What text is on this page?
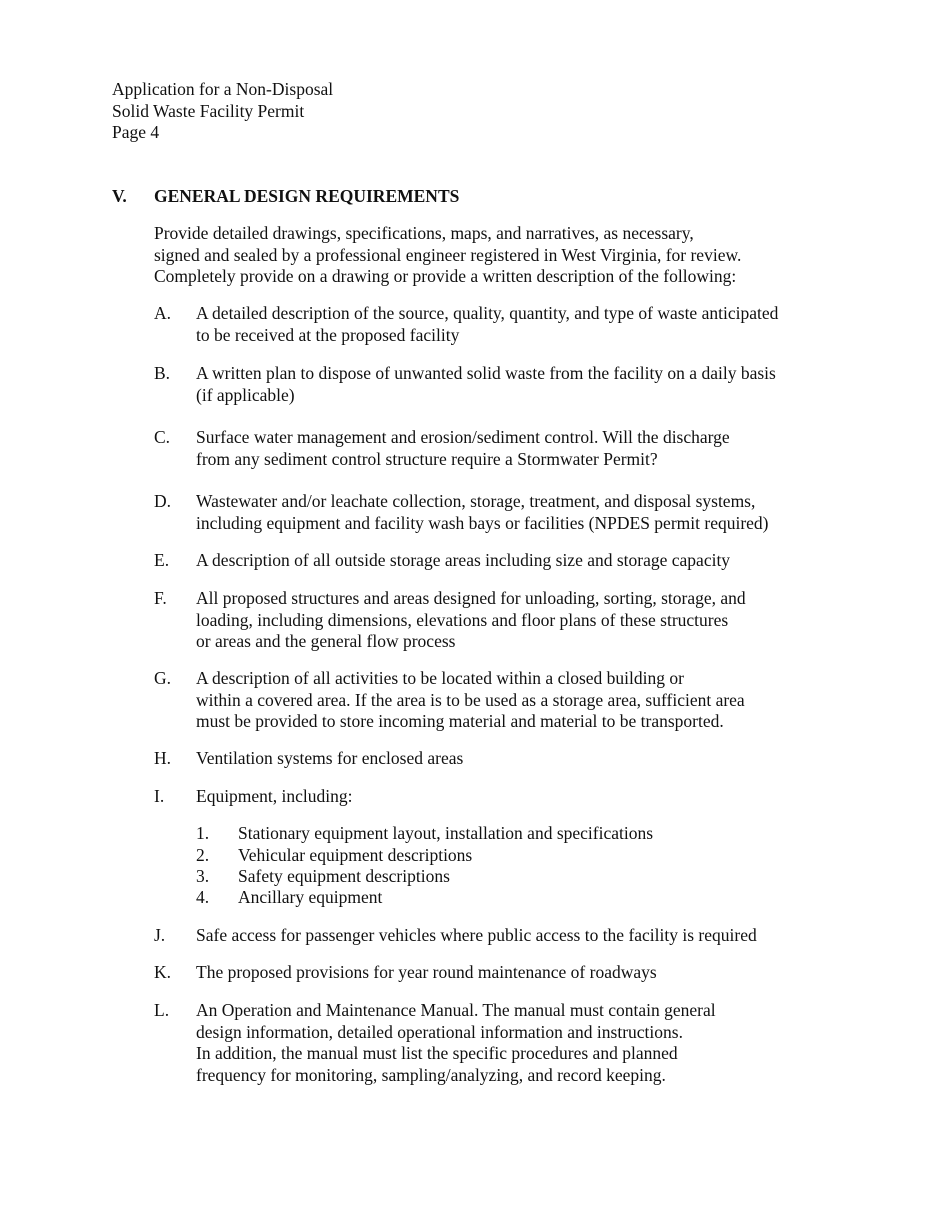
Application for a Non-Disposal
Solid Waste Facility Permit
Page 4
V. GENERAL DESIGN REQUIREMENTS
Provide detailed drawings, specifications, maps, and narratives, as necessary,
signed and sealed by a professional engineer registered in West Virginia, for review.
Completely provide on a drawing or provide a written description of the following:
A. A detailed description of the source, quality, quantity, and type of waste anticipated
to be received at the proposed facility
B. A written plan to dispose of unwanted solid waste from the facility on a daily basis
(if applicable)
C. Surface water management and erosion/sediment control. Will the discharge
from any sediment control structure require a Stormwater Permit?
D. Wastewater and/or leachate collection, storage, treatment, and disposal systems,
including equipment and facility wash bays or facilities (NPDES permit required)
E. A description of all outside storage areas including size and storage capacity
F. All proposed structures and areas designed for unloading, sorting, storage, and
loading, including dimensions, elevations and floor plans of these structures
or areas and the general flow process
G. A description of all activities to be located within a closed building or
within a covered area. If the area is to be used as a storage area, sufficient area
must be provided to store incoming material and material to be transported.
H. Ventilation systems for enclosed areas
I. Equipment, including:
1. Stationary equipment layout, installation and specifications
2. Vehicular equipment descriptions
3. Safety equipment descriptions
4. Ancillary equipment
J. Safe access for passenger vehicles where public access to the facility is required
K. The proposed provisions for year round maintenance of roadways
L. An Operation and Maintenance Manual. The manual must contain general
design information, detailed operational information and instructions.
In addition, the manual must list the specific procedures and planned
frequency for monitoring, sampling/analyzing, and record keeping.
